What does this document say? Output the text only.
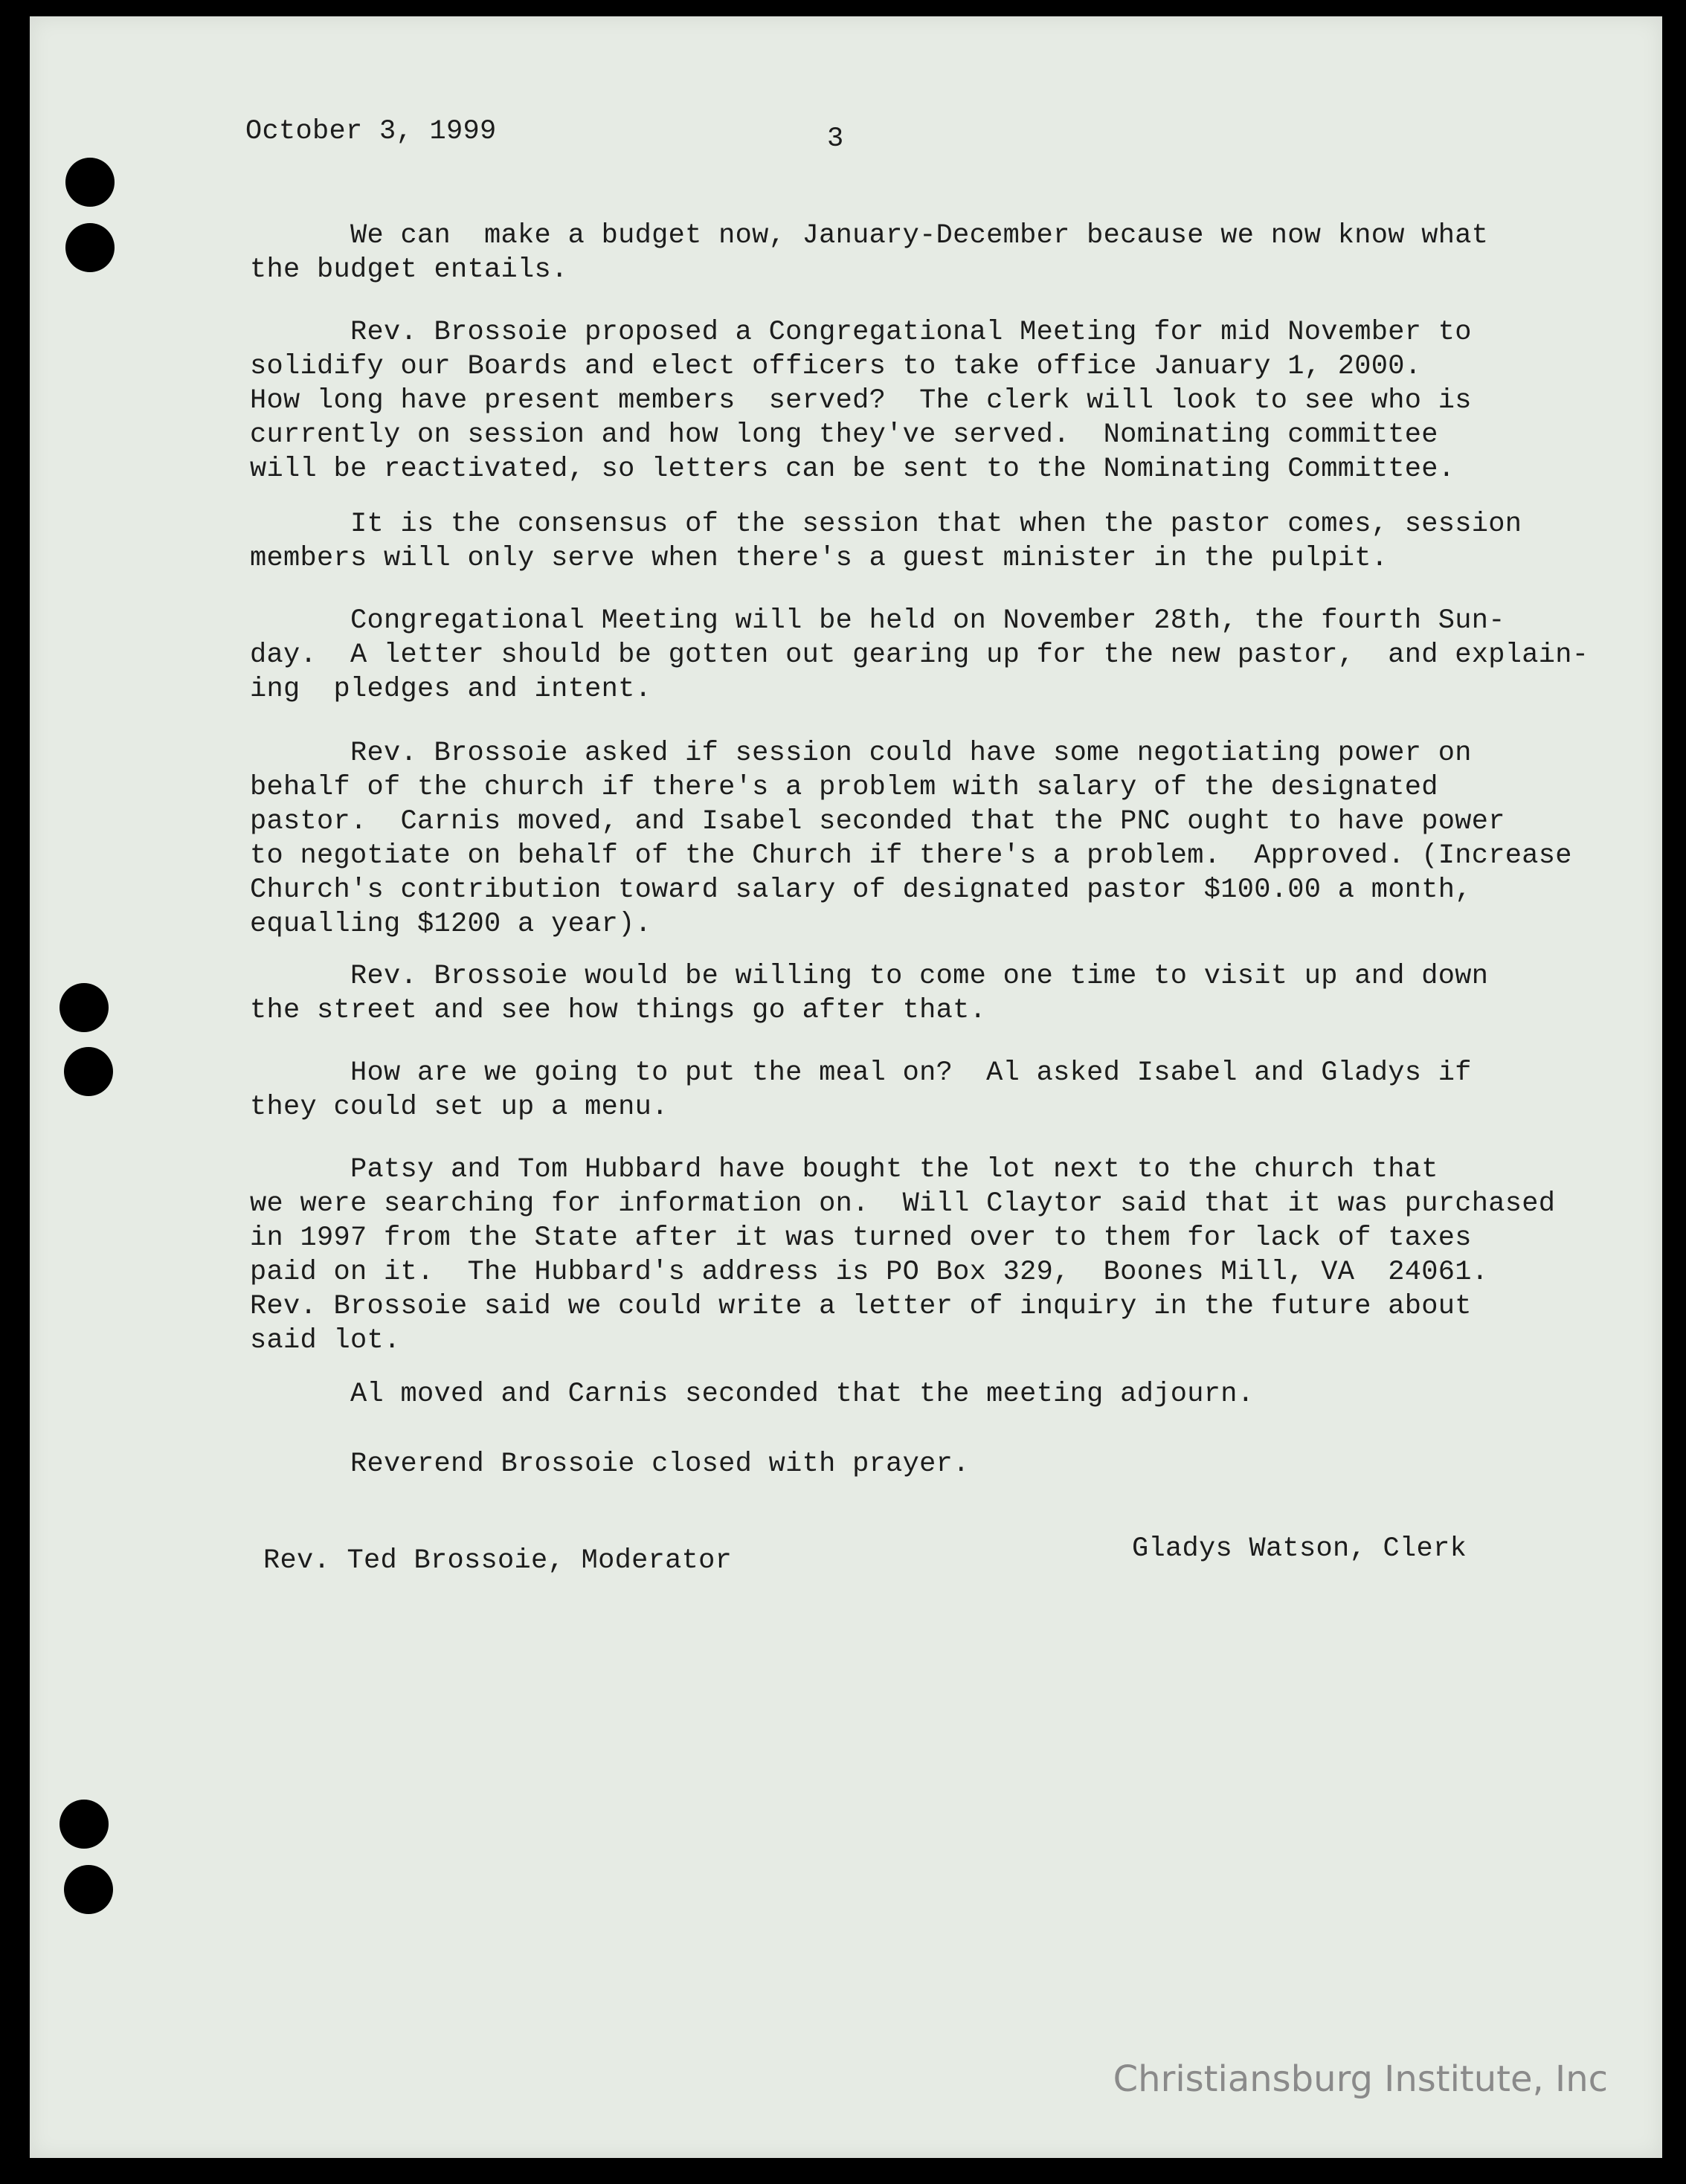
October 3, 1999	3
We can  make a budget now, January-December because we now know what
the budget entails.
Rev. Brossoie proposed a Congregational Meeting for mid November to
solidify our Boards and elect officers to take office January 1, 2000.
How long have present members  served?  The clerk will look to see who is
currently on session and how long they've served.  Nominating committee
will be reactivated, so letters can be sent to the Nominating Committee.
It is the consensus of the session that when the pastor comes, session
members will only serve when there's a guest minister in the pulpit.
Congregational Meeting will be held on November 28th, the fourth Sun-
day.  A letter should be gotten out gearing up for the new pastor,  and explain-
ing  pledges and intent.
Rev. Brossoie asked if session could have some negotiating power on
behalf of the church if there's a problem with salary of the designated
pastor.  Carnis moved, and Isabel seconded that the PNC ought to have power
to negotiate on behalf of the Church if there's a problem.  Approved. (Increase
Church's contribution toward salary of designated pastor $100.00 a month,
equalling $1200 a year).
Rev. Brossoie would be willing to come one time to visit up and down
the street and see how things go after that.
How are we going to put the meal on?  Al asked Isabel and Gladys if
they could set up a menu.
Patsy and Tom Hubbard have bought the lot next to the church that
we were searching for information on.  Will Claytor said that it was purchased
in 1997 from the State after it was turned over to them for lack of taxes
paid on it.  The Hubbard's address is PO Box 329,  Boones Mill, VA  24061.
Rev. Brossoie said we could write a letter of inquiry in the future about
said lot.
Al moved and Carnis seconded that the meeting adjourn.
Reverend Brossoie closed with prayer.
Rev. Ted Brossoie, Moderator	Gladys Watson, Clerk
Christiansburg Institute, Inc
